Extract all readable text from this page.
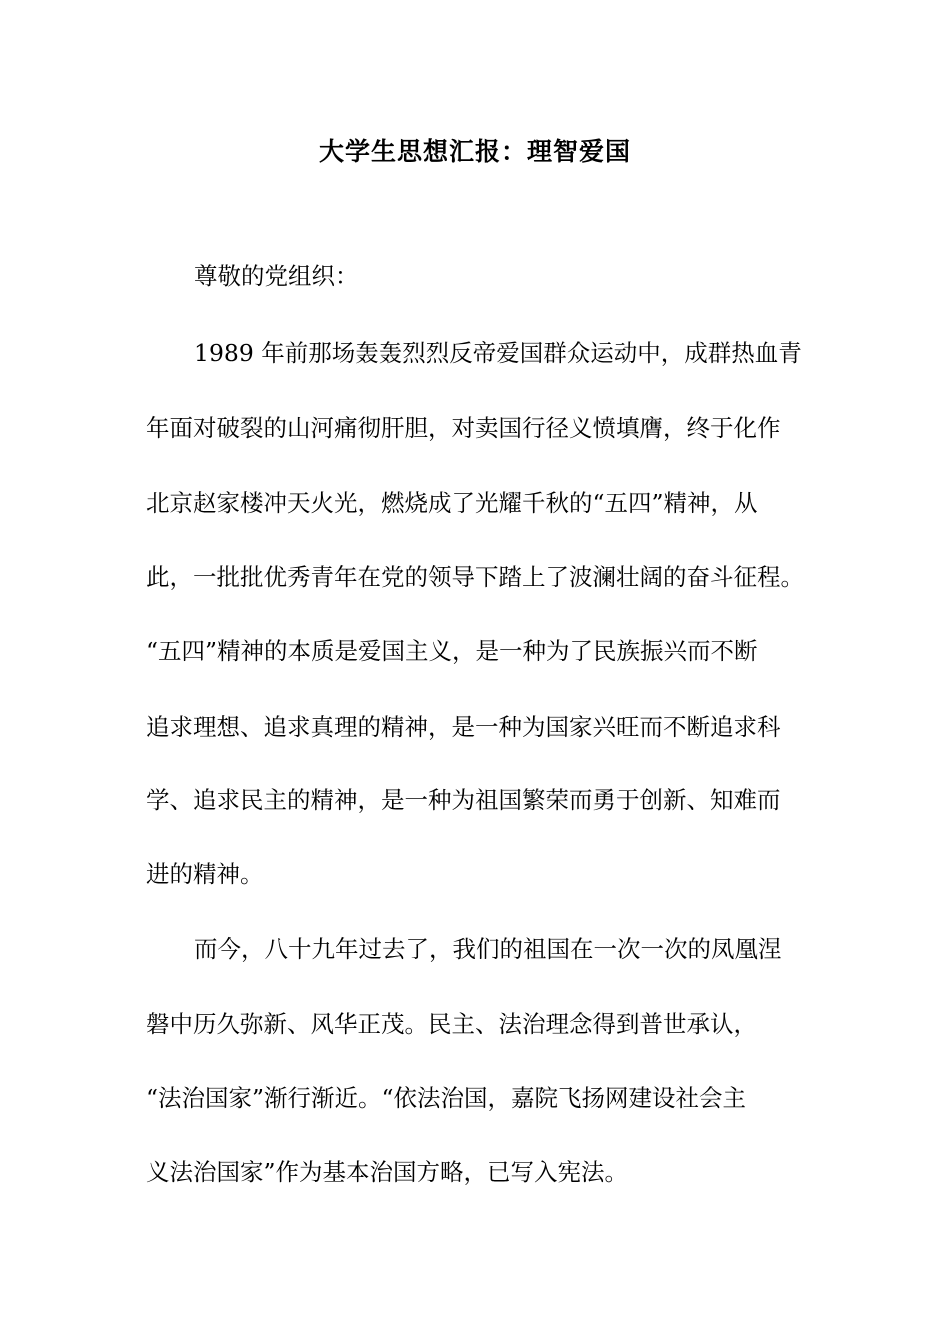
大学生思想汇报：理智爱国
尊敬的党组织：
1989 年前那场轰轰烈烈反帝爱国群众运动中，成群热血青
年面对破裂的山河痛彻肝胆，对卖国行径义愤填膺，终于化作
北京赵家楼冲天火光，燃烧成了光耀千秋的“五四”精神，从
此，一批批优秀青年在党的领导下踏上了波澜壮阔的奋斗征程。
“五四”精神的本质是爱国主义，是一种为了民族振兴而不断
追求理想、追求真理的精神，是一种为国家兴旺而不断追求科
学、追求民主的精神，是一种为祖国繁荣而勇于创新、知难而
进的精神。
而今，八十九年过去了，我们的祖国在一次一次的凤凰涅
磐中历久弥新、风华正茂。民主、法治理念得到普世承认，
“法治国家”渐行渐近。“依法治国，嘉院飞扬网建设社会主
义法治国家”作为基本治国方略，已写入宪法。
